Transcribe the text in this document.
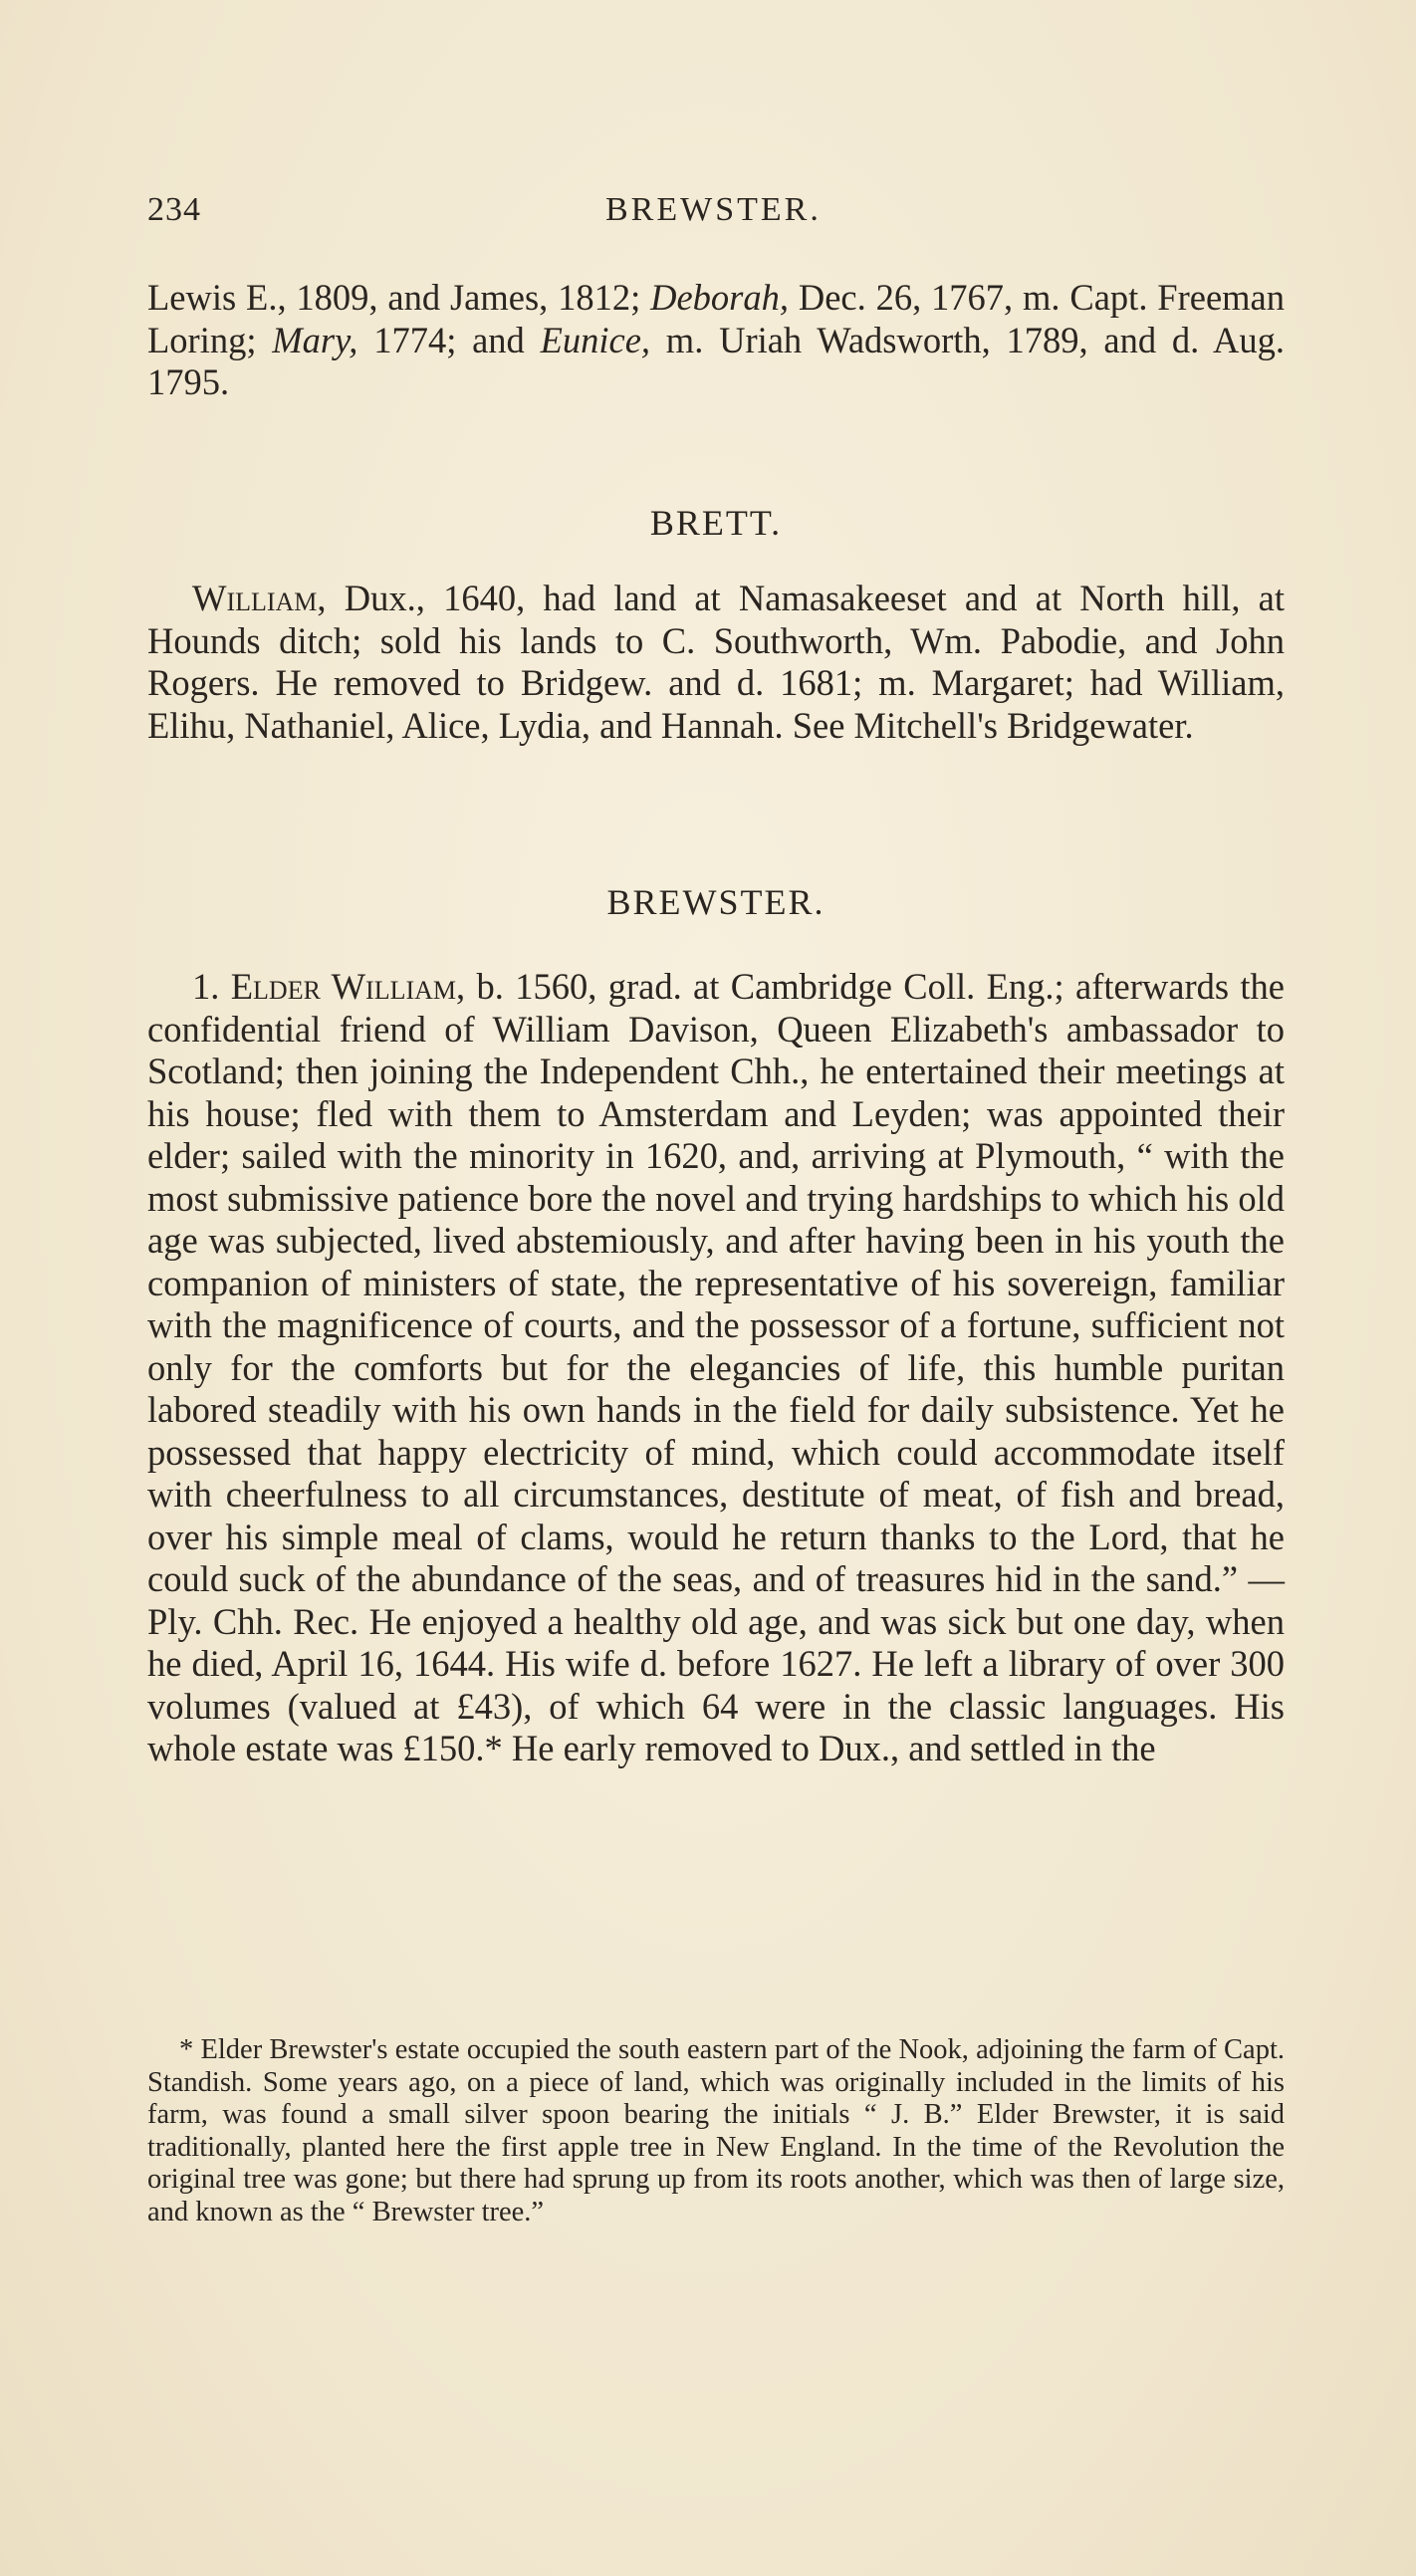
234	BREWSTER.

Lewis E., 1809, and James, 1812; Deborah, Dec. 26, 1767, m. Capt. Freeman Loring; Mary, 1774; and Eunice, m. Uriah Wadsworth, 1789, and d. Aug. 1795.

BRETT.

William, Dux., 1640, had land at Namasakeeset and at North hill, at Hounds ditch; sold his lands to C. Southworth, Wm. Pabodie, and John Rogers. He removed to Bridgew. and d. 1681; m. Margaret; had William, Elihu, Nathaniel, Alice, Lydia, and Hannah. See Mitchell's Bridgewater.

BREWSTER.

1. Elder William, b. 1560, grad. at Cambridge Coll. Eng.; afterwards the confidential friend of William Davison, Queen Elizabeth's ambassador to Scotland; then joining the Independent Chh., he entertained their meetings at his house; fled with them to Amsterdam and Leyden; was appointed their elder; sailed with the minority in 1620, and, arriving at Plymouth, “ with the most submissive patience bore the novel and trying hardships to which his old age was subjected, lived abstemiously, and after having been in his youth the companion of ministers of state, the representative of his sovereign, familiar with the magnificence of courts, and the possessor of a fortune, sufficient not only for the comforts but for the elegancies of life, this humble puritan labored steadily with his own hands in the field for daily subsistence. Yet he possessed that happy electricity of mind, which could accommodate itself with cheerfulness to all circumstances, destitute of meat, of fish and bread, over his simple meal of clams, would he return thanks to the Lord, that he could suck of the abundance of the seas, and of treasures hid in the sand.” — Ply. Chh. Rec. He enjoyed a healthy old age, and was sick but one day, when he died, April 16, 1644. His wife d. before 1627. He left a library of over 300 volumes (valued at £43), of which 64 were in the classic languages. His whole estate was £150.* He early removed to Dux., and settled in the

* Elder Brewster's estate occupied the south eastern part of the Nook, adjoining the farm of Capt. Standish. Some years ago, on a piece of land, which was originally included in the limits of his farm, was found a small silver spoon bearing the initials “ J. B.” Elder Brewster, it is said traditionally, planted here the first apple tree in New England. In the time of the Revolution the original tree was gone; but there had sprung up from its roots another, which was then of large size, and known as the “ Brewster tree.”
